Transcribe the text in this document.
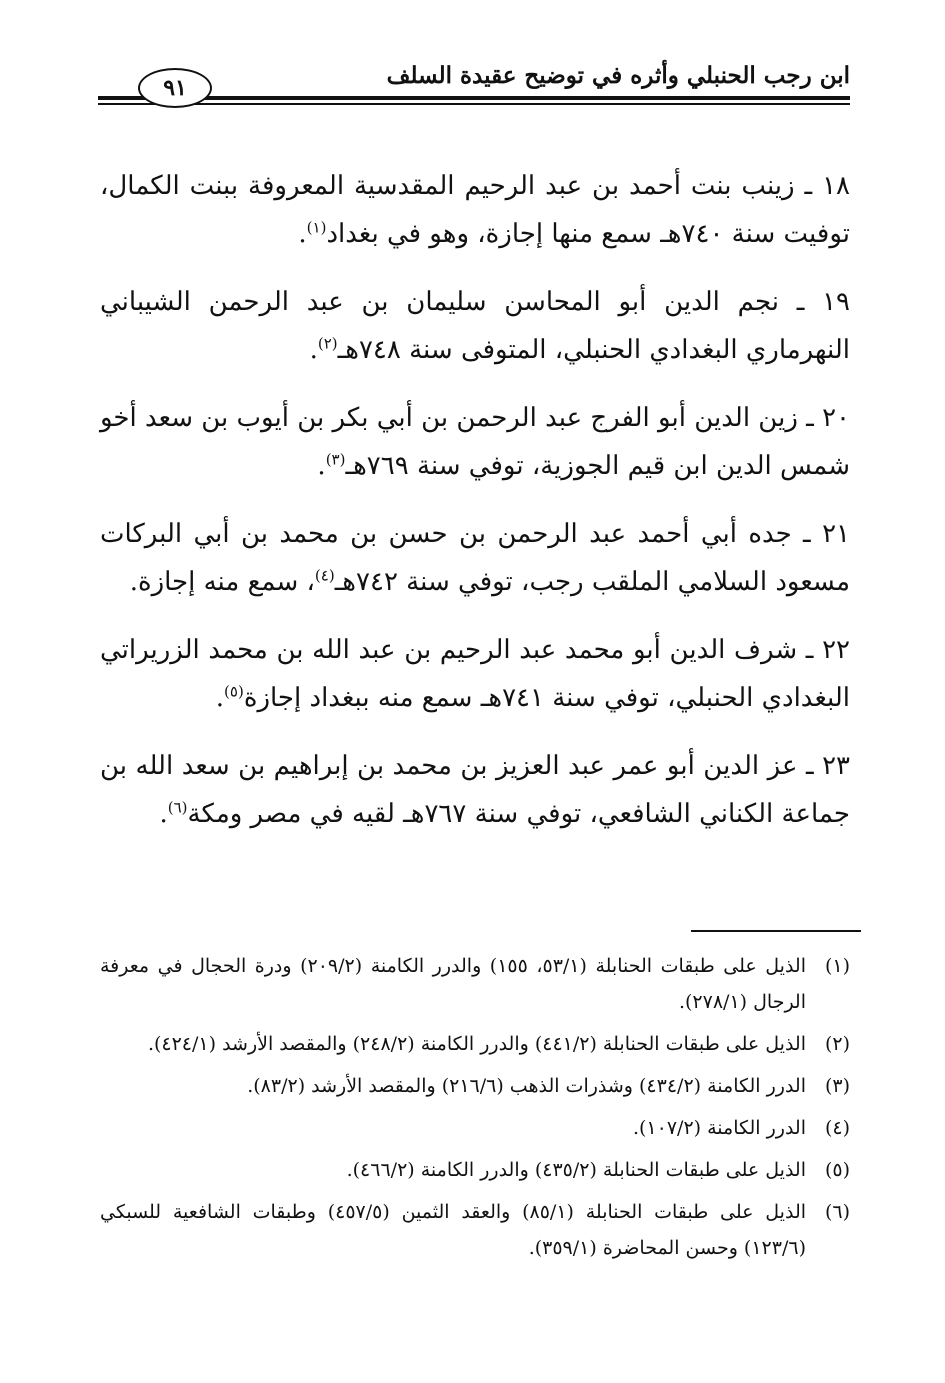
ابن رجب الحنبلي وأثره في توضيح عقيدة السلف
٩١

١٨ ـ زينب بنت أحمد بن عبد الرحيم المقدسية المعروفة ببنت الكمال، توفيت سنة ٧٤٠هـ سمع منها إجازة، وهو في بغداد$^{(١)}$.

١٩ ـ نجم الدين أبو المحاسن سليمان بن عبد الرحمن الشيباني النهرماري البغدادي الحنبلي، المتوفى سنة ٧٤٨هـ$^{(٢)}$.

٢٠ ـ زين الدين أبو الفرج عبد الرحمن بن أبي بكر بن أيوب بن سعد أخو شمس الدين ابن قيم الجوزية، توفي سنة ٧٦٩هـ$^{(٣)}$.

٢١ ـ جده أبي أحمد عبد الرحمن بن حسن بن محمد بن أبي البركات مسعود السلامي الملقب رجب، توفي سنة ٧٤٢هـ$^{(٤)}$، سمع منه إجازة.

٢٢ ـ شرف الدين أبو محمد عبد الرحيم بن عبد الله بن محمد الزريراتي البغدادي الحنبلي، توفي سنة ٧٤١هـ سمع منه ببغداد إجازة$^{(٥)}$.

٢٣ ـ عز الدين أبو عمر عبد العزيز بن محمد بن إبراهيم بن سعد الله بن جماعة الكناني الشافعي، توفي سنة ٧٦٧هـ لقيه في مصر ومكة$^{(٦)}$.

(١)
الذيل على طبقات الحنابلة (٥٣/١، ١٥٥) والدرر الكامنة (٢٠٩/٢) ودرة الحجال في معرفة الرجال (٢٧٨/١).
(٢)
الذيل على طبقات الحنابلة (٤٤١/٢) والدرر الكامنة (٢٤٨/٢) والمقصد الأرشد (٤٢٤/١).
(٣)
الدرر الكامنة (٤٣٤/٢) وشذرات الذهب (٢١٦/٦) والمقصد الأرشد (٨٣/٢).
(٤)
الدرر الكامنة (١٠٧/٢).
(٥)
الذيل على طبقات الحنابلة (٤٣٥/٢) والدرر الكامنة (٤٦٦/٢).
(٦)
الذيل على طبقات الحنابلة (٨٥/١) والعقد الثمين (٤٥٧/٥) وطبقات الشافعية للسبكي (١٢٣/٦) وحسن المحاضرة (٣٥٩/١).
